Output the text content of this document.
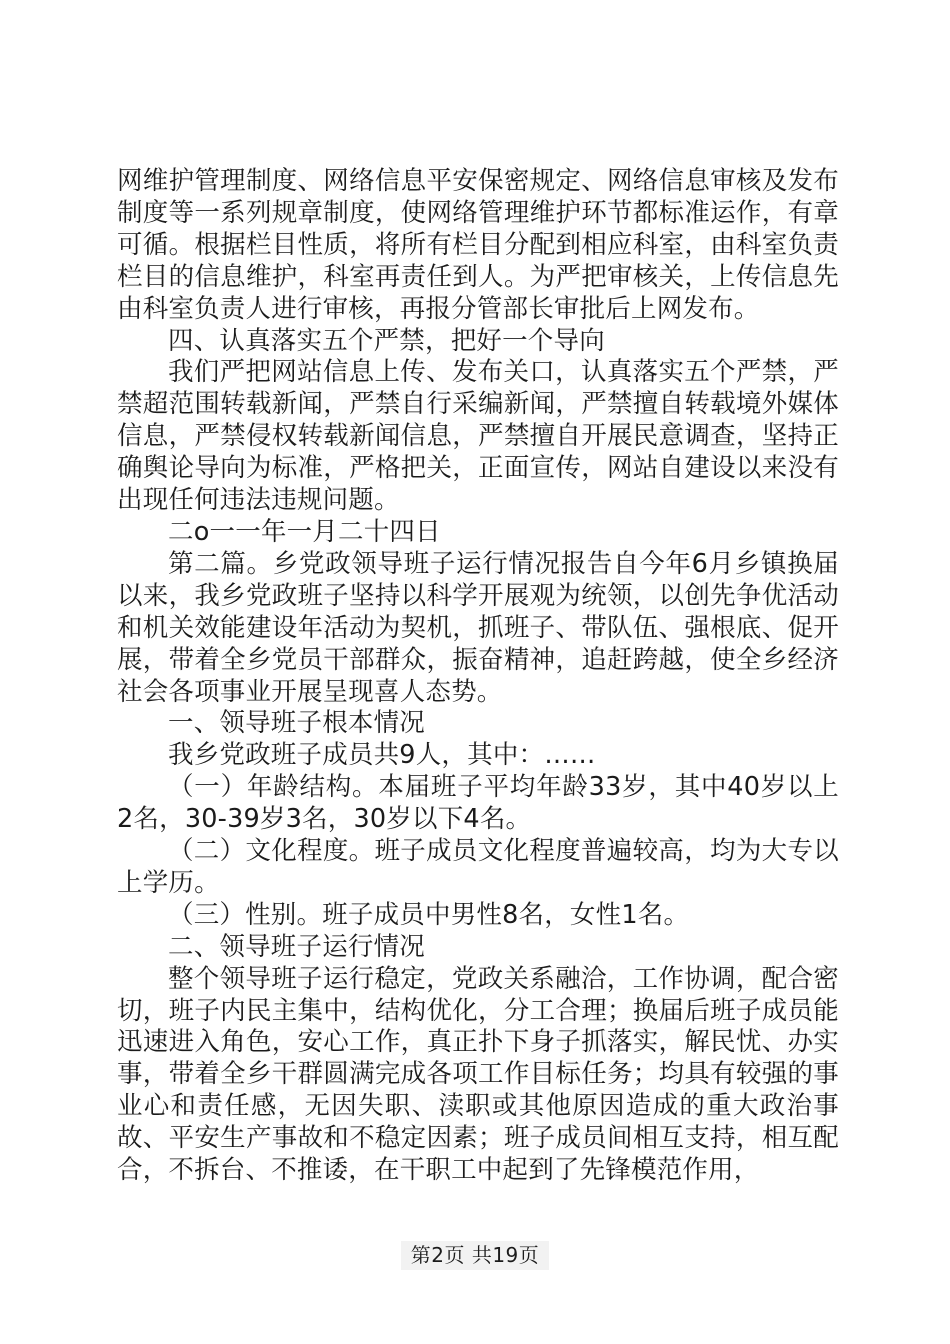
网维护管理制度、网络信息平安保密规定、网络信息审核及发布制度等一系列规章制度，使网络管理维护环节都标准运作，有章可循。根据栏目性质，将所有栏目分配到相应科室，由科室负责栏目的信息维护，科室再责任到人。为严把审核关，上传信息先由科室负责人进行审核，再报分管部长审批后上网发布。

四、认真落实五个严禁，把好一个导向

我们严把网站信息上传、发布关口，认真落实五个严禁，严禁超范围转载新闻，严禁自行采编新闻，严禁擅自转载境外媒体信息，严禁侵权转载新闻信息，严禁擅自开展民意调查，坚持正确舆论导向为标准，严格把关，正面宣传，网站自建设以来没有出现任何违法违规问题。

二o一一年一月二十四日

第二篇。乡党政领导班子运行情况报告自今年6月乡镇换届以来，我乡党政班子坚持以科学开展观为统领，以创先争优活动和机关效能建设年活动为契机，抓班子、带队伍、强根底、促开展，带着全乡党员干部群众，振奋精神，追赶跨越，使全乡经济社会各项事业开展呈现喜人态势。

一、领导班子根本情况

我乡党政班子成员共9人，其中：……

（一）年龄结构。本届班子平均年龄33岁，其中40岁以上2名，30-39岁3名，30岁以下4名。

（二）文化程度。班子成员文化程度普遍较高，均为大专以上学历。

（三）性别。班子成员中男性8名，女性1名。

二、领导班子运行情况

整个领导班子运行稳定，党政关系融洽，工作协调，配合密切，班子内民主集中，结构优化，分工合理；换届后班子成员能迅速进入角色，安心工作，真正扑下身子抓落实，解民忧、办实事，带着全乡干群圆满完成各项工作目标任务；均具有较强的事业心和责任感，无因失职、渎职或其他原因造成的重大政治事故、平安生产事故和不稳定因素；班子成员间相互支持，相互配合，不拆台、不推诿，在干职工中起到了先锋模范作用，

第2页 共19页
